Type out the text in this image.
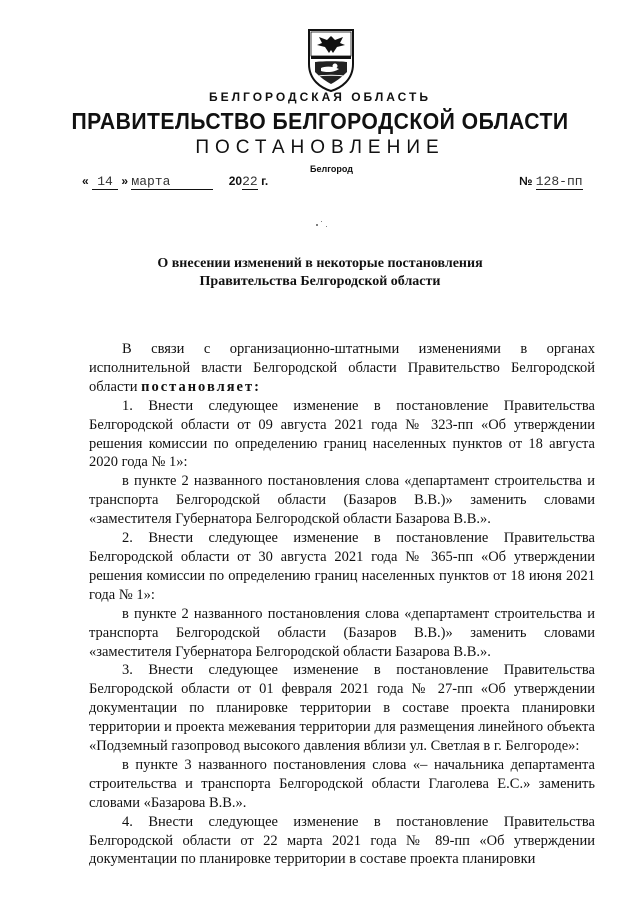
БЕЛГОРОДСКАЯ ОБЛАСТЬ
ПРАВИТЕЛЬСТВО БЕЛГОРОДСКОЙ ОБЛАСТИ
ПОСТАНОВЛЕНИЕ
Белгород
« 14 » марта	2022 г.	№ 128-пп
О внесении изменений в некоторые постановления
Правительства Белгородской области

В связи с организационно-штатными изменениями в органах исполнительной власти Белгородской области Правительство Белгородской области постановляет:

1. Внести следующее изменение в постановление Правительства Белгородской области от 09 августа 2021 года № 323-пп «Об утверждении решения комиссии по определению границ населенных пунктов от 18 августа 2020 года № 1»:

в пункте 2 названного постановления слова «департамент строительства и транспорта Белгородской области (Базаров В.В.)» заменить словами «заместителя Губернатора Белгородской области Базарова В.В.».

2. Внести следующее изменение в постановление Правительства Белгородской области от 30 августа 2021 года № 365-пп «Об утверждении решения комиссии по определению границ населенных пунктов от 18 июня 2021 года № 1»:

в пункте 2 названного постановления слова «департамент строительства и транспорта Белгородской области (Базаров В.В.)» заменить словами «заместителя Губернатора Белгородской области Базарова В.В.».

3. Внести следующее изменение в постановление Правительства Белгородской области от 01 февраля 2021 года № 27-пп «Об утверждении документации по планировке территории в составе проекта планировки территории и проекта межевания территории для размещения линейного объекта «Подземный газопровод высокого давления вблизи ул. Светлая в г. Белгороде»:

в пункте 3 названного постановления слова «– начальника департамента строительства и транспорта Белгородской области Глаголева Е.С.» заменить словами «Базарова В.В.».

4. Внести следующее изменение в постановление Правительства Белгородской области от 22 марта 2021 года № 89-пп «Об утверждении документации по планировке территории в составе проекта планировки
